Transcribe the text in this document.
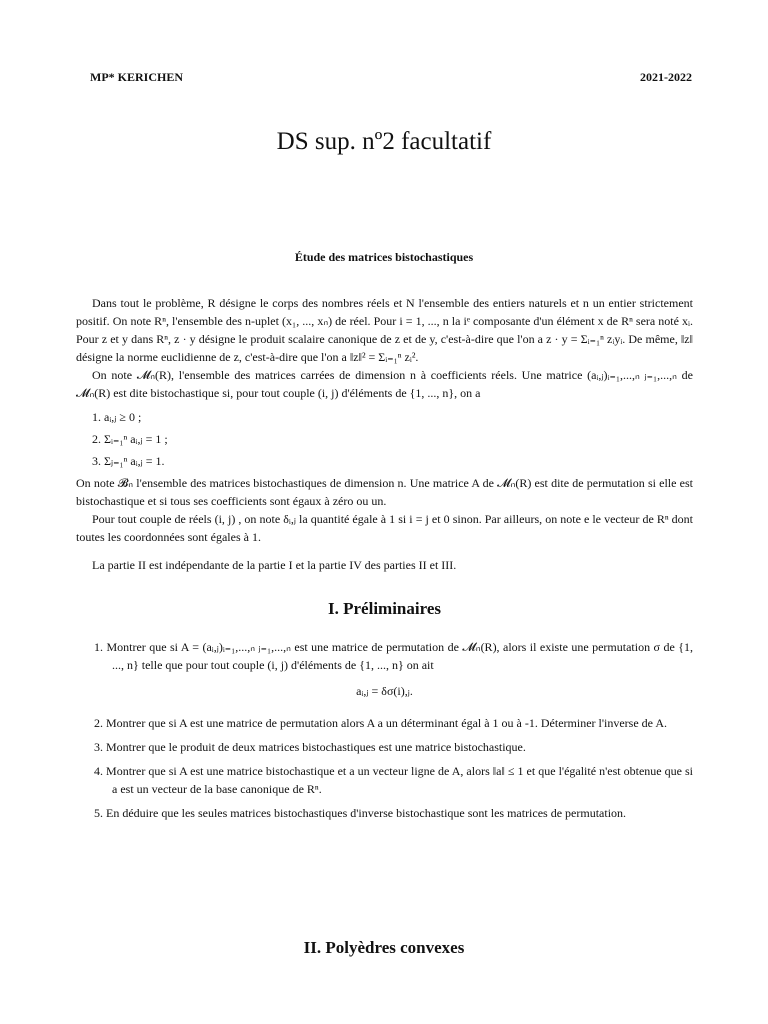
MP* KERICHEN	2021-2022
DS sup. nº2 facultatif
Étude des matrices bistochastiques

Dans tout le problème, R désigne le corps des nombres réels et N l'ensemble des entiers naturels et n un entier strictement positif. On note Rⁿ, l'ensemble des n-uplet (x₁, ..., xₙ) de réel. Pour i = 1, ..., n la iᵉ composante d'un élément x de Rⁿ sera noté xᵢ. Pour z et y dans Rⁿ, z · y désigne le produit scalaire canonique de z et de y, c'est-à-dire que l'on a z · y = Σᵢ₌₁ⁿ zᵢyᵢ. De même, ‖z‖ désigne la norme euclidienne de z, c'est-à-dire que l'on a ‖z‖² = Σᵢ₌₁ⁿ zᵢ².

On note 𝓜ₙ(R), l'ensemble des matrices carrées de dimension n à coefficients réels. Une matrice (aᵢ,ⱼ)ᵢ₌₁,...,ₙ ⱼ₌₁,...,ₙ de 𝓜ₙ(R) est dite bistochastique si, pour tout couple (i, j) d'éléments de {1, ..., n}, on a

1. aᵢ,ⱼ ≥ 0 ;
2. Σᵢ₌₁ⁿ aᵢ,ⱼ = 1 ;
3. Σⱼ₌₁ⁿ aᵢ,ⱼ = 1.

On note 𝓑ₙ l'ensemble des matrices bistochastiques de dimension n. Une matrice A de 𝓜ₙ(R) est dite de permutation si elle est bistochastique et si tous ses coefficients sont égaux à zéro ou un.

Pour tout couple de réels (i, j) , on note δᵢ,ⱼ la quantité égale à 1 si i = j et 0 sinon. Par ailleurs, on note e le vecteur de Rⁿ dont toutes les coordonnées sont égales à 1.

La partie II est indépendante de la partie I et la partie IV des parties II et III.

I. Préliminaires
1. Montrer que si A = (aᵢ,ⱼ)ᵢ₌₁,...,ₙ ⱼ₌₁,...,ₙ est une matrice de permutation de 𝓜ₙ(R), alors il existe une permutation σ de {1, ..., n} telle que pour tout couple (i, j) d'éléments de {1, ..., n} on ait
aᵢ,ⱼ = δσ(i),ⱼ.
2. Montrer que si A est une matrice de permutation alors A a un déterminant égal à 1 ou à -1. Déterminer l'inverse de A.
3. Montrer que le produit de deux matrices bistochastiques est une matrice bistochastique.
4. Montrer que si A est une matrice bistochastique et a un vecteur ligne de A, alors ‖a‖ ≤ 1 et que l'égalité n'est obtenue que si a est un vecteur de la base canonique de Rⁿ.
5. En déduire que les seules matrices bistochastiques d'inverse bistochastique sont les matrices de permutation.
II. Polyèdres convexes
